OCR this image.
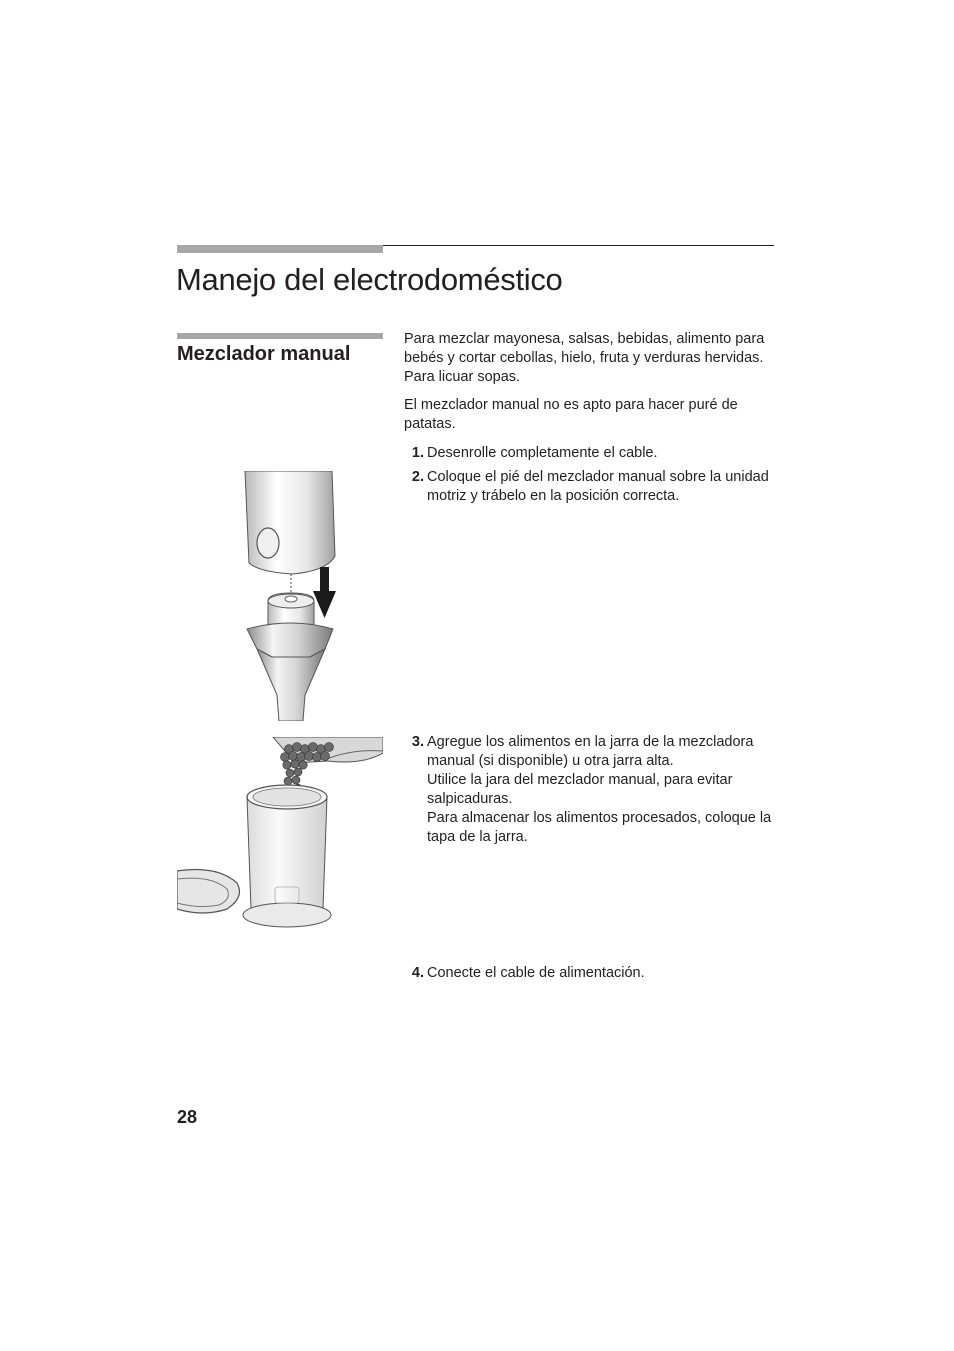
Manejo del electrodoméstico
Mezclador manual

Para mezclar mayonesa, salsas, bebidas, alimento para bebés y cortar cebollas, hielo, fruta y verduras hervidas. Para licuar sopas.

El mezclador manual no es apto para hacer puré de patatas.

1. Desenrolle completamente el cable.
2. Coloque el pié del mezclador manual sobre la unidad motriz y trábelo en la posición correcta.
3. Agregue los alimentos en la jarra de la mezcladora manual (si disponible) u otra jarra alta.
Utilice la jara del mezclador manual, para evitar salpicaduras.
Para almacenar los alimentos procesados, coloque la tapa de la jarra.
4. Conecte el cable de alimentación.
28
